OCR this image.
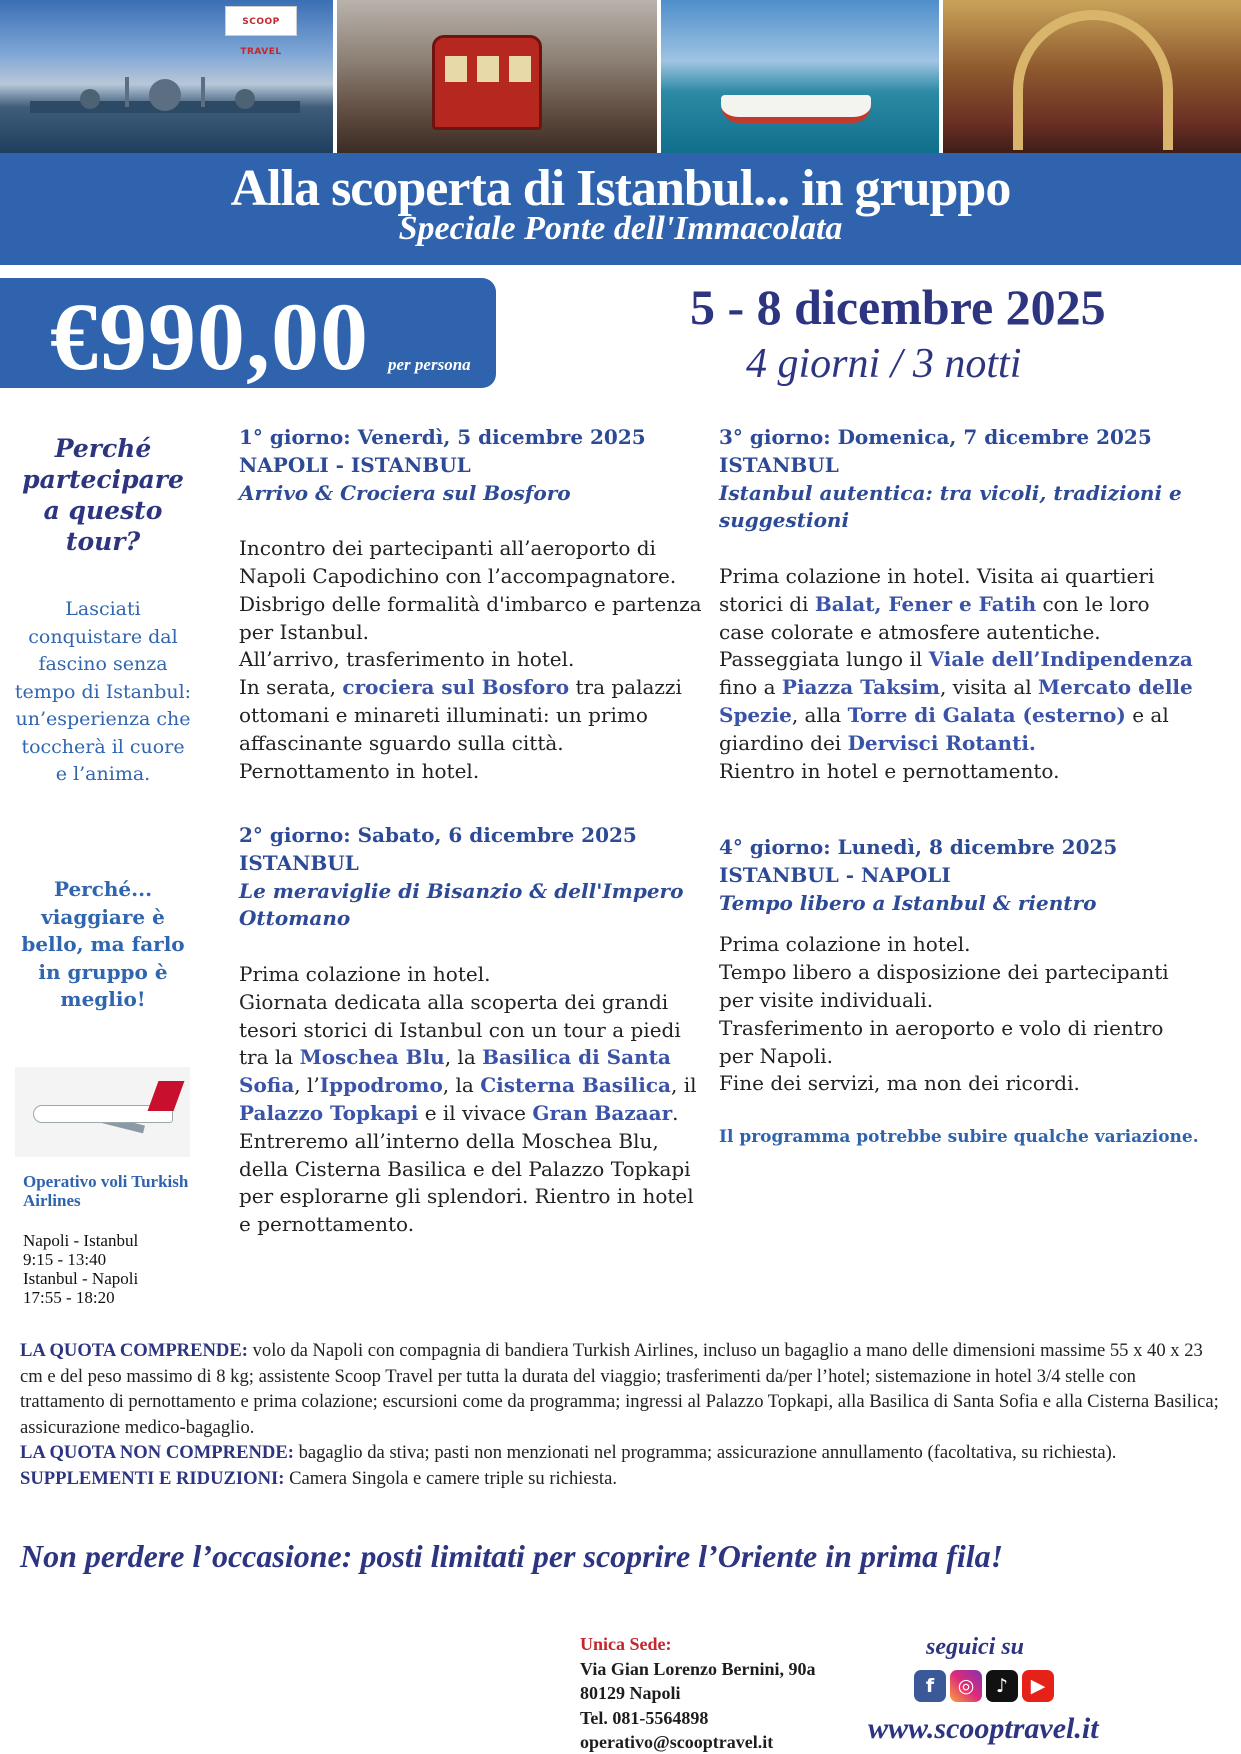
SCOOP TRAVEL
Alla scoperta di Istanbul... in gruppo
Speciale Ponte dell'Immacolata
€990,00 per persona
5 - 8 dicembre 2025
4 giorni / 3 notti
Perché partecipare a questo tour?
Lasciati conquistare dal fascino senza tempo di Istanbul: un’esperienza che toccherà il cuore e l’anima.
Perché... viaggiare è bello, ma farlo in gruppo è meglio!
Operativo voli Turkish Airlines
Napoli - Istanbul
9:15 - 13:40
Istanbul - Napoli
17:55 - 18:20
1° giorno: Venerdì, 5 dicembre 2025
NAPOLI - ISTANBUL
Arrivo & Crociera sul Bosforo
Incontro dei partecipanti all’aeroporto di Napoli Capodichino con l’accompagnatore. Disbrigo delle formalità d'imbarco e partenza per Istanbul.
All’arrivo, trasferimento in hotel.
In serata, crociera sul Bosforo tra palazzi ottomani e minareti illuminati: un primo affascinante sguardo sulla città.
Pernottamento in hotel.
2° giorno: Sabato, 6 dicembre 2025
ISTANBUL
Le meraviglie di Bisanzio & dell'Impero Ottomano
Prima colazione in hotel.
Giornata dedicata alla scoperta dei grandi tesori storici di Istanbul con un tour a piedi tra la Moschea Blu, la Basilica di Santa Sofia, l’Ippodromo, la Cisterna Basilica, il Palazzo Topkapi e il vivace Gran Bazaar. Entreremo all’interno della Moschea Blu, della Cisterna Basilica e del Palazzo Topkapi per esplorarne gli splendori. Rientro in hotel e pernottamento.
3° giorno: Domenica, 7 dicembre 2025
ISTANBUL
Istanbul autentica: tra vicoli, tradizioni e suggestioni
Prima colazione in hotel. Visita ai quartieri storici di Balat, Fener e Fatih con le loro case colorate e atmosfere autentiche.
Passeggiata lungo il Viale dell’Indipendenza fino a Piazza Taksim, visita al Mercato delle Spezie, alla Torre di Galata (esterno) e al giardino dei Dervisci Rotanti.
Rientro in hotel e pernottamento.
4° giorno: Lunedì, 8 dicembre 2025
ISTANBUL - NAPOLI
Tempo libero a Istanbul & rientro
Prima colazione in hotel.
Tempo libero a disposizione dei partecipanti per visite individuali.
Trasferimento in aeroporto e volo di rientro per Napoli.
Fine dei servizi, ma non dei ricordi.
Il programma potrebbe subire qualche variazione.
LA QUOTA COMPRENDE: volo da Napoli con compagnia di bandiera Turkish Airlines, incluso un bagaglio a mano delle dimensioni massime 55 x 40 x 23 cm e del peso massimo di 8 kg; assistente Scoop Travel per tutta la durata del viaggio; trasferimenti da/per l’hotel; sistemazione in hotel 3/4 stelle con trattamento di pernottamento e prima colazione; escursioni come da programma; ingressi al Palazzo Topkapi, alla Basilica di Santa Sofia e alla Cisterna Basilica; assicurazione medico-bagaglio.
LA QUOTA NON COMPRENDE: bagaglio da stiva; pasti non menzionati nel programma; assicurazione annullamento (facoltativa, su richiesta).
SUPPLEMENTI E RIDUZIONI: Camera Singola e camere triple su richiesta.
Non perdere l’occasione: posti limitati per scoprire l’Oriente in prima fila!
Unica Sede:
Via Gian Lorenzo Bernini, 90a
80129 Napoli
Tel. 081-5564898
operativo@scooptravel.it
seguici su
f	◎	♪	▶
www.scooptravel.it
